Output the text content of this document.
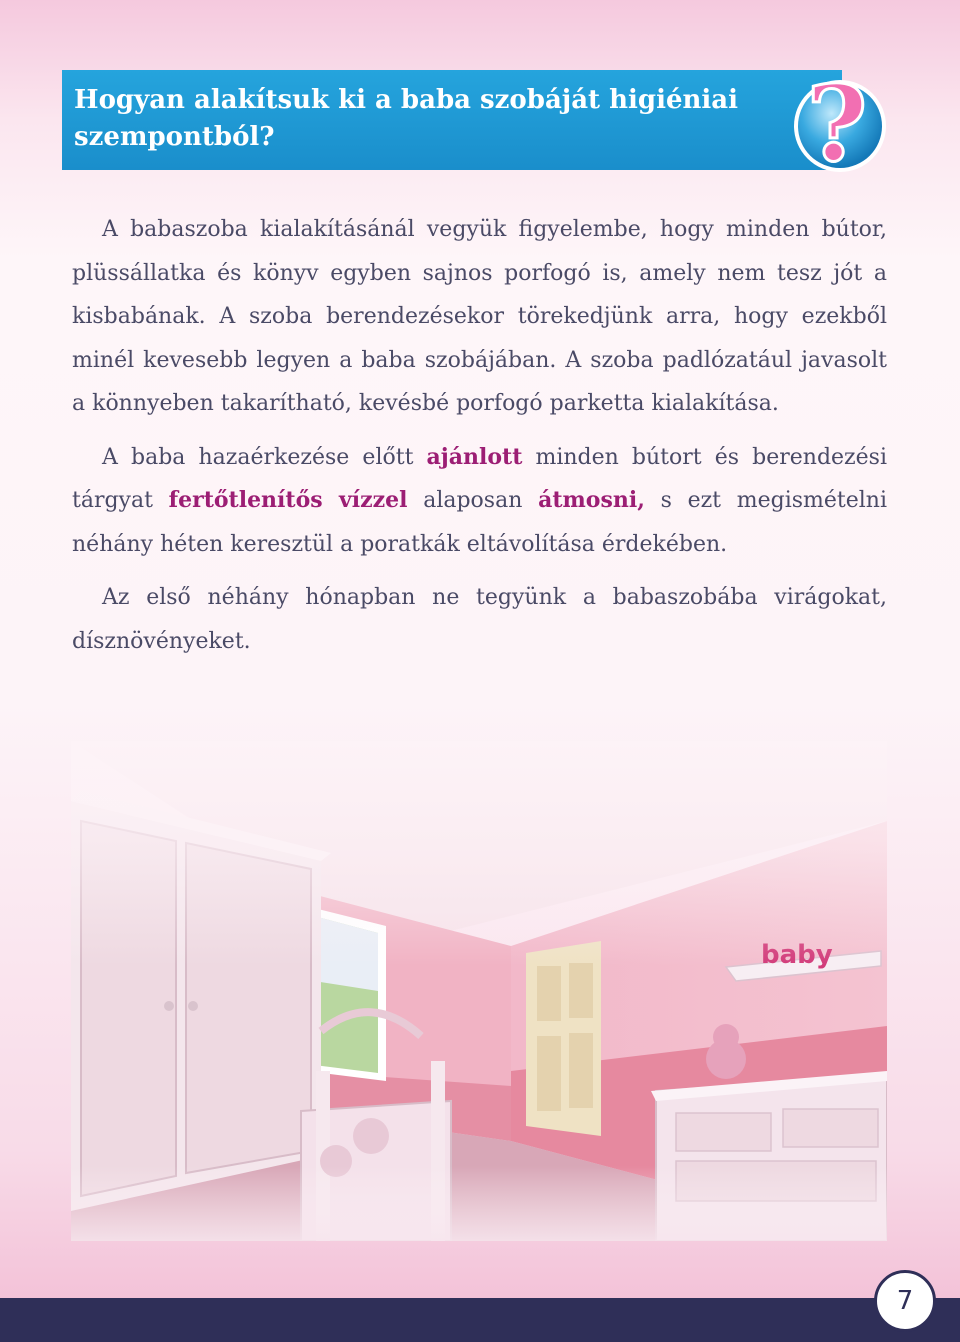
Hogyan alakítsuk ki a baba szobáját higiéniai szempontból?	?

A babaszoba kialakításánál vegyük figyelembe, hogy minden bútor, plüssállatka és könyv egyben sajnos porfogó is, amely nem tesz jót a kisbabának. A szoba berendezésekor törekedjünk arra, hogy ezekből minél kevesebb legyen a baba szobájában. A szoba padlózatául javasolt a könnyeben takarítható, kevésbé porfogó parketta kialakítása.

A baba hazaérkezése előtt ajánlott minden bútort és berendezési tárgyat fertőtlenítős vízzel alaposan átmosni, s ezt megismételni néhány héten keresztül a poratkák eltávolítása érdekében.

Az első néhány hónapban ne tegyünk a babaszobába virágokat, dísznövényeket.

7
